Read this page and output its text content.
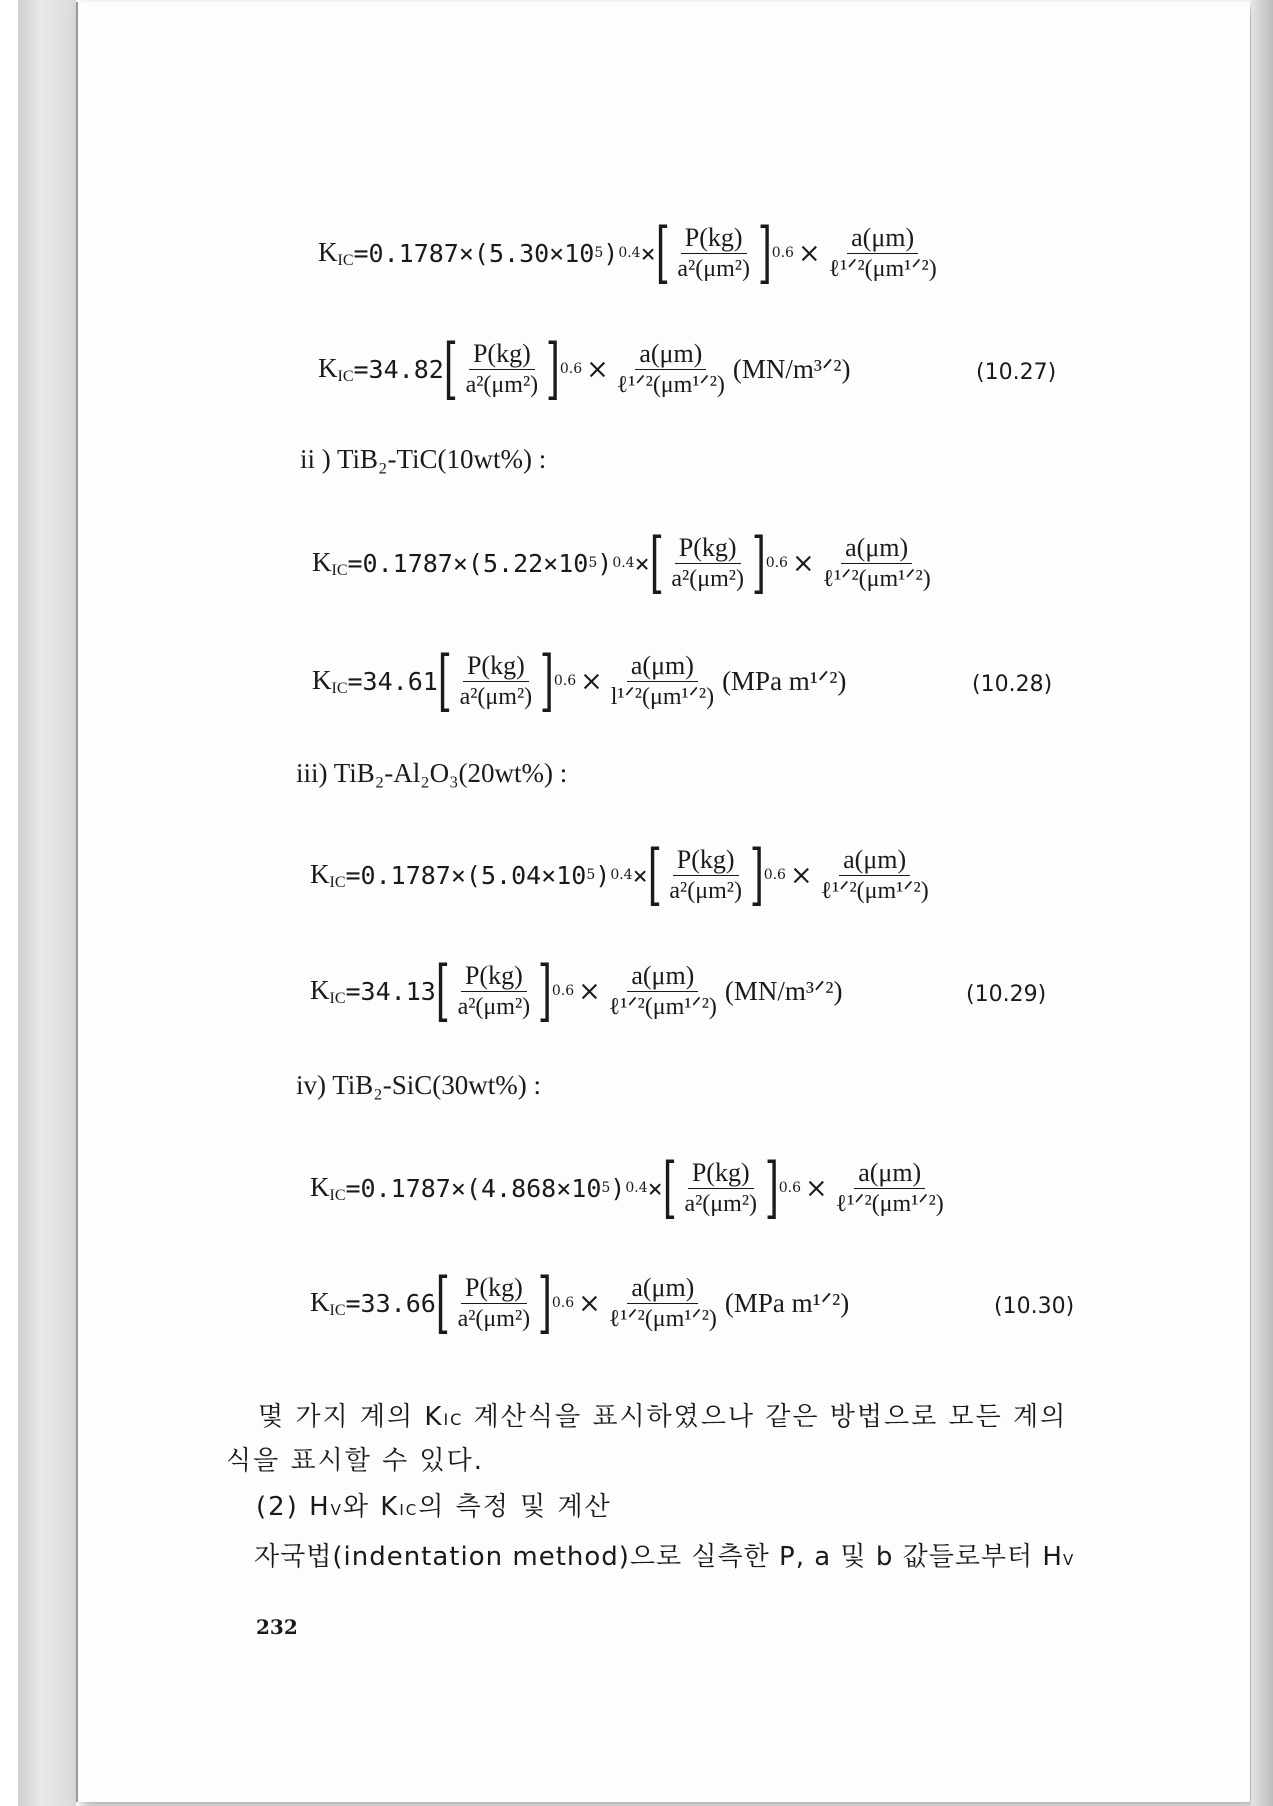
$K_{IC} =0.1787\times(5.30\times 10$ 5 ) 0.4 × [ $\frac{P(kg)}{\text{a²(μm²)}}$ ] $0.6 \times \frac{a(\mu m)}{\text{ℓ¹ᐟ²(μm¹ᐟ²)}}$
$K_{IC} =34.82$ [ $\frac{P(kg)}{\text{a²(μm²)}}$ ] $0.6 \times \frac{a(\mu m)}{\text{ℓ¹ᐟ²(μm¹ᐟ²)}}$ (MN/m³ᐟ²)	(10.27)
$K_{IC} =0.1787\times(5.22\times 10$ 5 ) 0.4 × [ $\frac{P(kg)}{\text{a²(μm²)}}$ ] $0.6 \times \frac{a(\mu m)}{\text{ℓ¹ᐟ²(μm¹ᐟ²)}}$
$K_{IC} =34.61$ [ $\frac{P(kg)}{\text{a²(μm²)}}$ ] $0.6 \times \frac{a(\mu m)}{\text{l¹ᐟ²(μm¹ᐟ²)}} (MPa$ m¹ᐟ²)	(10.28)
$K_{IC} =0.1787\times(5.04\times 10$ 5 ) 0.4 × [ $\frac{P(kg)}{\text{a²(μm²)}}$ ] $0.6 \times \frac{a(\mu m)}{\text{ℓ¹ᐟ²(μm¹ᐟ²)}}$
$K_{IC} =34.13$ [ $\frac{P(kg)}{\text{a²(μm²)}}$ ] $0.6 \times \frac{a(\mu m)}{\text{ℓ¹ᐟ²(μm¹ᐟ²)}}$ (MN/m³ᐟ²)	(10.29)
$K_{IC} =0.1787\times(4.868\times 10$ 5 ) 0.4 × [ $\frac{P(kg)}{\text{a²(μm²)}}$ ] $0.6 \times \frac{a(\mu m)}{\text{ℓ¹ᐟ²(μm¹ᐟ²)}}$
$K_{IC} =33.66$ [ $\frac{P(kg)}{\text{a²(μm²)}}$ ] $0.6 \times \frac{a(\mu m)}{\text{ℓ¹ᐟ²(μm¹ᐟ²)}} (MPa$ m¹ᐟ²)	(10.30)
ii ) TiB₂-TiC(10wt%) :
iii) TiB₂-Al₂O₃(20wt%) :
iv) TiB₂-SiC(30wt%) :
몇 가지 계의 KIC 계산식을 표시하였으나 같은 방법으로 모든 계의
식을 표시할 수 있다.
(2) HV와 KIC의 측정 및 계산
자국법(indentation method)으로 실측한 P, a 및 b 값들로부터 HV
232
